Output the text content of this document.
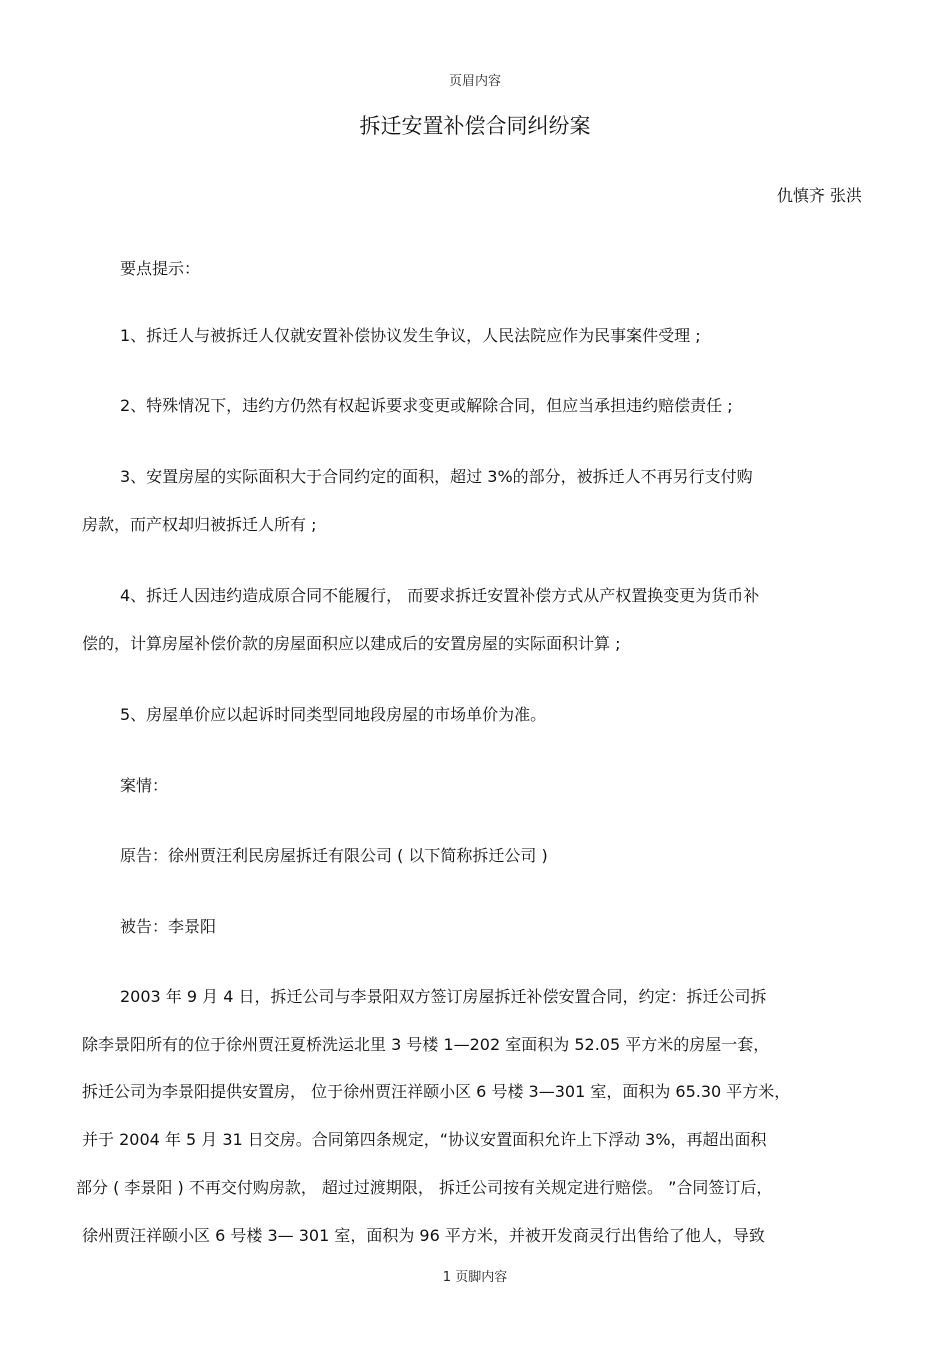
页眉内容
拆迁安置补偿合同纠纷案
仇慎齐 张洪
要点提示：
1、拆迁人与被拆迁人仅就安置补偿协议发生争议，人民法院应作为民事案件受理 ;
2、特殊情况下，违约方仍然有权起诉要求变更或解除合同，但应当承担违约赔偿责任 ;
3、安置房屋的实际面积大于合同约定的面积，超过 3%的部分，被拆迁人不再另行支付购
房款，而产权却归被拆迁人所有 ;
4、拆迁人因违约造成原合同不能履行， 而要求拆迁安置补偿方式从产权置换变更为货币补
偿的，计算房屋补偿价款的房屋面积应以建成后的安置房屋的实际面积计算 ;
5、房屋单价应以起诉时同类型同地段房屋的市场单价为准。
案情：
原告：徐州贾汪利民房屋拆迁有限公司 ( 以下简称拆迁公司 )
被告：李景阳
2003 年 9 月 4 日，拆迁公司与李景阳双方签订房屋拆迁补偿安置合同，约定：拆迁公司拆
除李景阳所有的位于徐州贾汪夏桥洗运北里 3 号楼 1—202 室面积为 52.05 平方米的房屋一套，
拆迁公司为李景阳提供安置房， 位于徐州贾汪祥颐小区 6 号楼 3—301 室，面积为 65.30 平方米，
并于 2004 年 5 月 31 日交房。合同第四条规定，“协议安置面积允许上下浮动 3%，再超出面积
部分 ( 李景阳 ) 不再交付购房款， 超过过渡期限， 拆迁公司按有关规定进行赔偿。 ”合同签订后，
徐州贾汪祥颐小区 6 号楼 3— 301 室，面积为 96 平方米，并被开发商灵行出售给了他人，导致
1 页脚内容
